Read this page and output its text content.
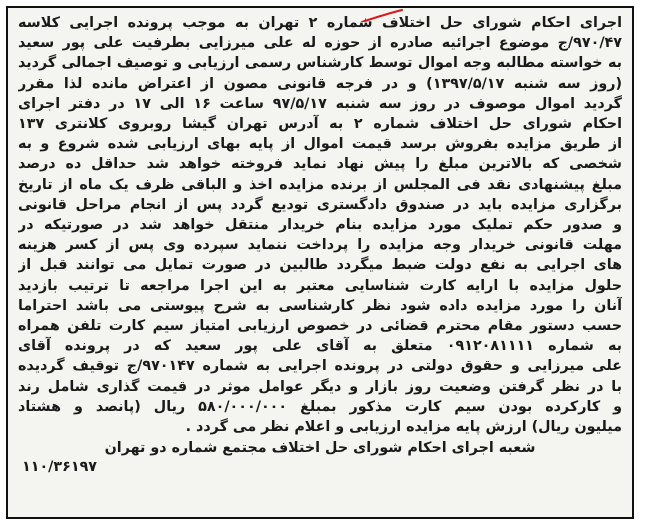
اجرای احکام شورای حل اختلاف شماره ۲ تهران به موجب پرونده اجرایی کلاسه
۹۷۰/۴۷/ج موضوع اجرائیه صادره از حوزه له علی میرزایی بطرفیت علی پور سعید
به خواسته مطالبه وجه اموال توسط کارشناس رسمی ارزیابی و توصیف اجمالی گردید
(روز سه شنبه ۱۳۹۷/۵/۱۷) و در فرجه قانونی مصون از اعتراض مانده لذا مقرر
گردید اموال موصوف در روز سه شنبه ۹۷/۵/۱۷ ساعت ۱۶ الی ۱۷ در دفتر اجرای
احکام شورای حل اختلاف شماره ۲ به آدرس تهران گیشا روبروی کلانتری ۱۳۷
از طریق مزایده بفروش برسد قیمت اموال از پایه بهای ارزیابی شده شروع و به
شخصی که بالاترین مبلغ را پیش نهاد نماید فروخته خواهد شد حداقل ده درصد
مبلغ پیشنهادی نقد فی المجلس از برنده مزایده اخذ و الباقی ظرف یک ماه از تاریخ
برگزاری مزایده باید در صندوق دادگستری تودیع گردد پس از انجام مراحل قانونی
و صدور حکم تملیک مورد مزایده بنام خریدار منتقل خواهد شد در صورتیکه در
مهلت قانونی خریدار وجه مزایده را پرداخت ننماید سپرده وی پس از کسر هزینه
های اجرایی به نفع دولت ضبط میگردد طالبین در صورت تمایل می توانند قبل از
حلول مزایده با ارایه کارت شناسایی معتبر به این اجرا مراجعه تا ترتیب بازدید
آنان را مورد مزایده داده شود نظر کارشناسی به شرح پیوستی می باشد احتراما
حسب دستور مقام محترم قضائی در خصوص ارزیابی امتیاز سیم کارت تلفن همراه
به شماره ۰۹۱۲۰۸۱۱۱۱ متعلق به آقای علی پور سعید که در پرونده آقای
علی میرزایی و حقوق دولتی در پرونده اجرایی به شماره ۹۷۰۱۴۷/ج توقیف گردیده
با در نظر گرفتن وضعیت روز بازار و دیگر عوامل موثر در قیمت گذاری شامل رند
و کارکرده بودن سیم کارت مذکور بمبلغ ۵۸۰/۰۰۰/۰۰۰ ریال (پانصد و هشتاد
میلیون ریال) ارزش پایه مزایده ارزیابی و اعلام نظر می گردد .
شعبه اجرای احکام شورای حل اختلاف مجتمع شماره دو تهران
۱۱۰/۳۶۱۹۷
